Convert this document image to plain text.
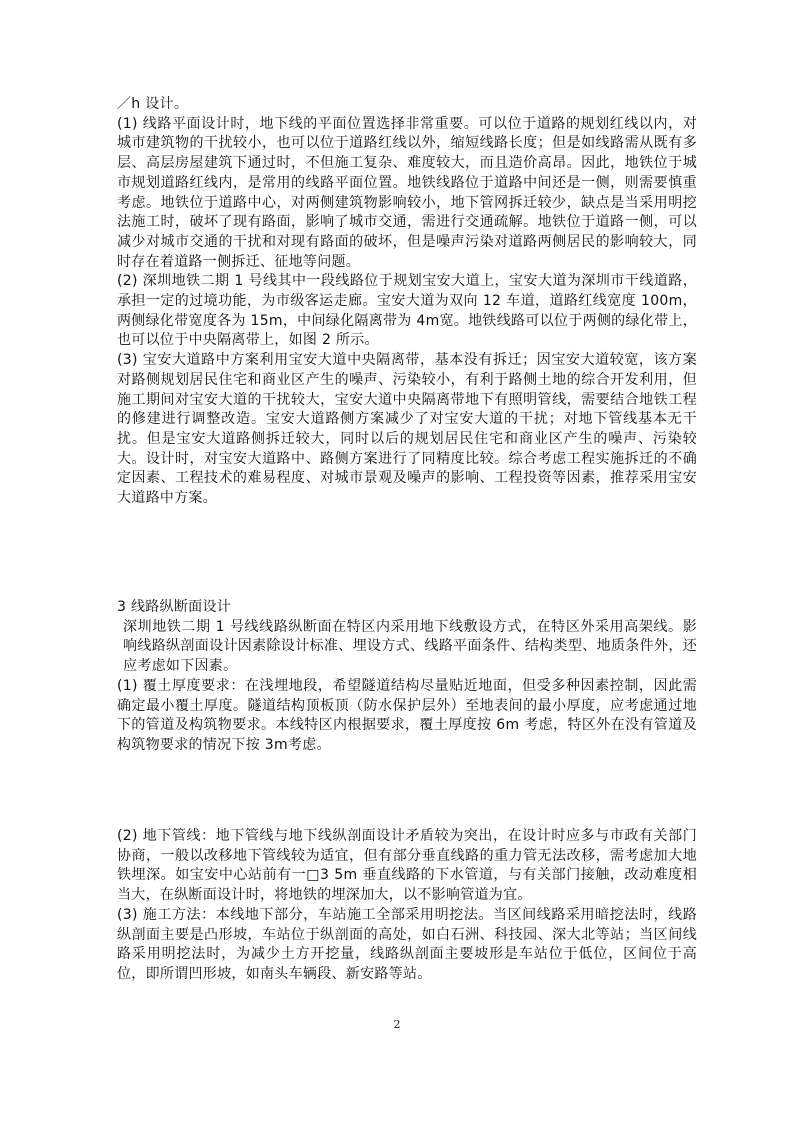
／h 设计。

(1) 线路平面设计时，地下线的平面位置选择非常重要。可以位于道路的规划红线以内，对城市建筑物的干扰较小，也可以位于道路红线以外，缩短线路长度；但是如线路需从既有多层、高层房屋建筑下通过时，不但施工复杂、难度较大，而且造价高昂。因此，地铁位于城市规划道路红线内，是常用的线路平面位置。地铁线路位于道路中间还是一侧，则需要慎重考虑。地铁位于道路中心，对两侧建筑物影响较小，地下管网拆迁较少，缺点是当采用明挖法施工时，破坏了现有路面，影响了城市交通，需进行交通疏解。地铁位于道路一侧，可以减少对城市交通的干扰和对现有路面的破坏，但是噪声污染对道路两侧居民的影响较大，同时存在着道路一侧拆迁、征地等问题。

(2) 深圳地铁二期 1 号线其中一段线路位于规划宝安大道上，宝安大道为深圳市干线道路，承担一定的过境功能，为市级客运走廊。宝安大道为双向 12 车道，道路红线宽度 100m，两侧绿化带宽度各为 15m，中间绿化隔离带为 4m宽。地铁线路可以位于两侧的绿化带上，也可以位于中央隔离带上，如图 2 所示。

(3) 宝安大道路中方案利用宝安大道中央隔离带，基本没有拆迁；因宝安大道较宽，该方案对路侧规划居民住宅和商业区产生的噪声、污染较小，有利于路侧土地的综合开发利用，但施工期间对宝安大道的干扰较大，宝安大道中央隔离带地下有照明管线，需要结合地铁工程的修建进行调整改造。宝安大道路侧方案减少了对宝安大道的干扰；对地下管线基本无干扰。但是宝安大道路侧拆迁较大，同时以后的规划居民住宅和商业区产生的噪声、污染较大。设计时，对宝安大道路中、路侧方案进行了同精度比较。综合考虑工程实施拆迁的不确定因素、工程技术的难易程度、对城市景观及噪声的影响、工程投资等因素，推荐采用宝安大道路中方案。

3 线路纵断面设计

深圳地铁二期 1 号线线路纵断面在特区内采用地下线敷设方式，在特区外采用高架线。影响线路纵剖面设计因素除设计标准、埋设方式、线路平面条件、结构类型、地质条件外，还应考虑如下因素。

(1) 覆土厚度要求：在浅埋地段，希望隧道结构尽量贴近地面，但受多种因素控制，因此需确定最小覆土厚度。隧道结构顶板顶（防水保护层外）至地表间的最小厚度，应考虑通过地下的管道及构筑物要求。本线特区内根据要求，覆土厚度按 6m 考虑，特区外在没有管道及构筑物要求的情况下按 3m考虑。

(2) 地下管线：地下管线与地下线纵剖面设计矛盾较为突出，在设计时应多与市政有关部门协商，一般以改移地下管线较为适宜，但有部分垂直线路的重力管无法改移，需考虑加大地铁埋深。如宝安中心站前有一□3 5m 垂直线路的下水管道，与有关部门接触，改动难度相当大，在纵断面设计时，将地铁的埋深加大，以不影响管道为宜。

(3) 施工方法：本线地下部分，车站施工全部采用明挖法。当区间线路采用暗挖法时，线路纵剖面主要是凸形坡，车站位于纵剖面的高处，如白石洲、科技园、深大北等站；当区间线路采用明挖法时，为减少土方开挖量，线路纵剖面主要坡形是车站位于低位，区间位于高位，即所谓凹形坡，如南头车辆段、新安路等站。

2
